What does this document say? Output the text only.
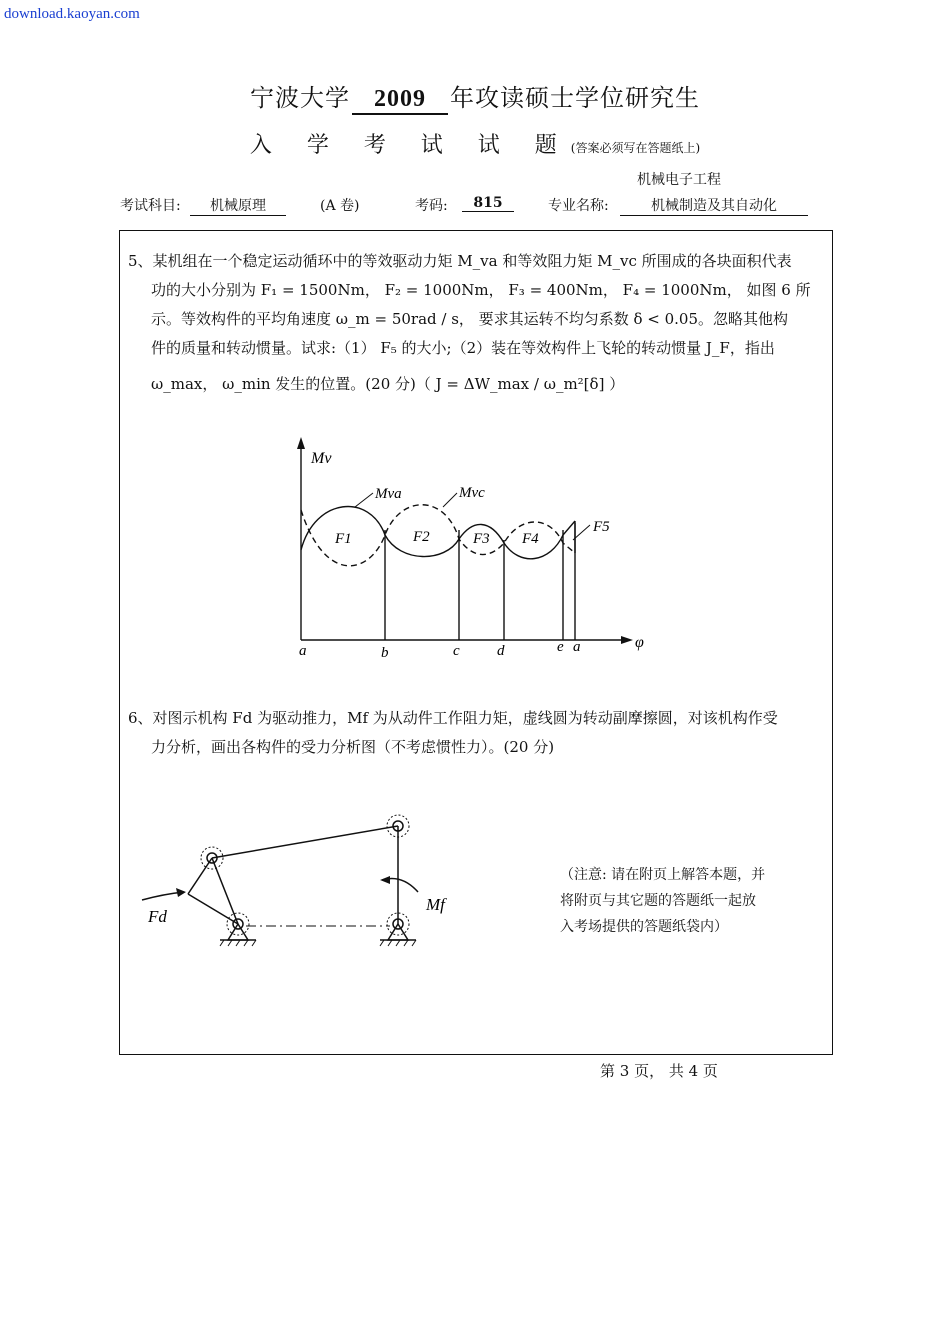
download.kaoyan.com
宁波大学 2009 年攻读硕士学位研究生
入 学 考 试 试 题(答案必须写在答题纸上)
机械电子工程
考试科目:	机械原理	(A 卷)	考码:	815	专业名称:	机械制造及其自动化
5、某机组在一个稳定运动循环中的等效驱动力矩 M_va 和等效阻力矩 M_vc 所围成的各块面积代表
功的大小分别为 F₁ = 1500Nm， F₂ = 1000Nm， F₃ = 400Nm， F₄ = 1000Nm， 如图 6 所
示。等效构件的平均角速度 ω_m = 50rad / s， 要求其运转不均匀系数 δ < 0.05。忽略其他构
件的质量和转动惯量。试求:（1） F₅ 的大小;（2）装在等效构件上飞轮的转动惯量 J_F，指出
ω_max， ω_min 发生的位置。(20 分)（ J = ΔW_max / ω_m²[δ] ）
Mv
Mva	Mvc
F1	F2	F3 F4
F5
a	b	c d	e a	φ
6、对图示机构 Fd 为驱动推力，Mf 为从动件工作阻力矩，虚线圆为转动副摩擦圆，对该机构作受
力分析，画出各构件的受力分析图（不考虑惯性力）。(20 分)
Fd
Mf
（注意: 请在附页上解答本题，并
将附页与其它题的答题纸一起放
入考场提供的答题纸袋内）
第 3 页， 共 4 页
